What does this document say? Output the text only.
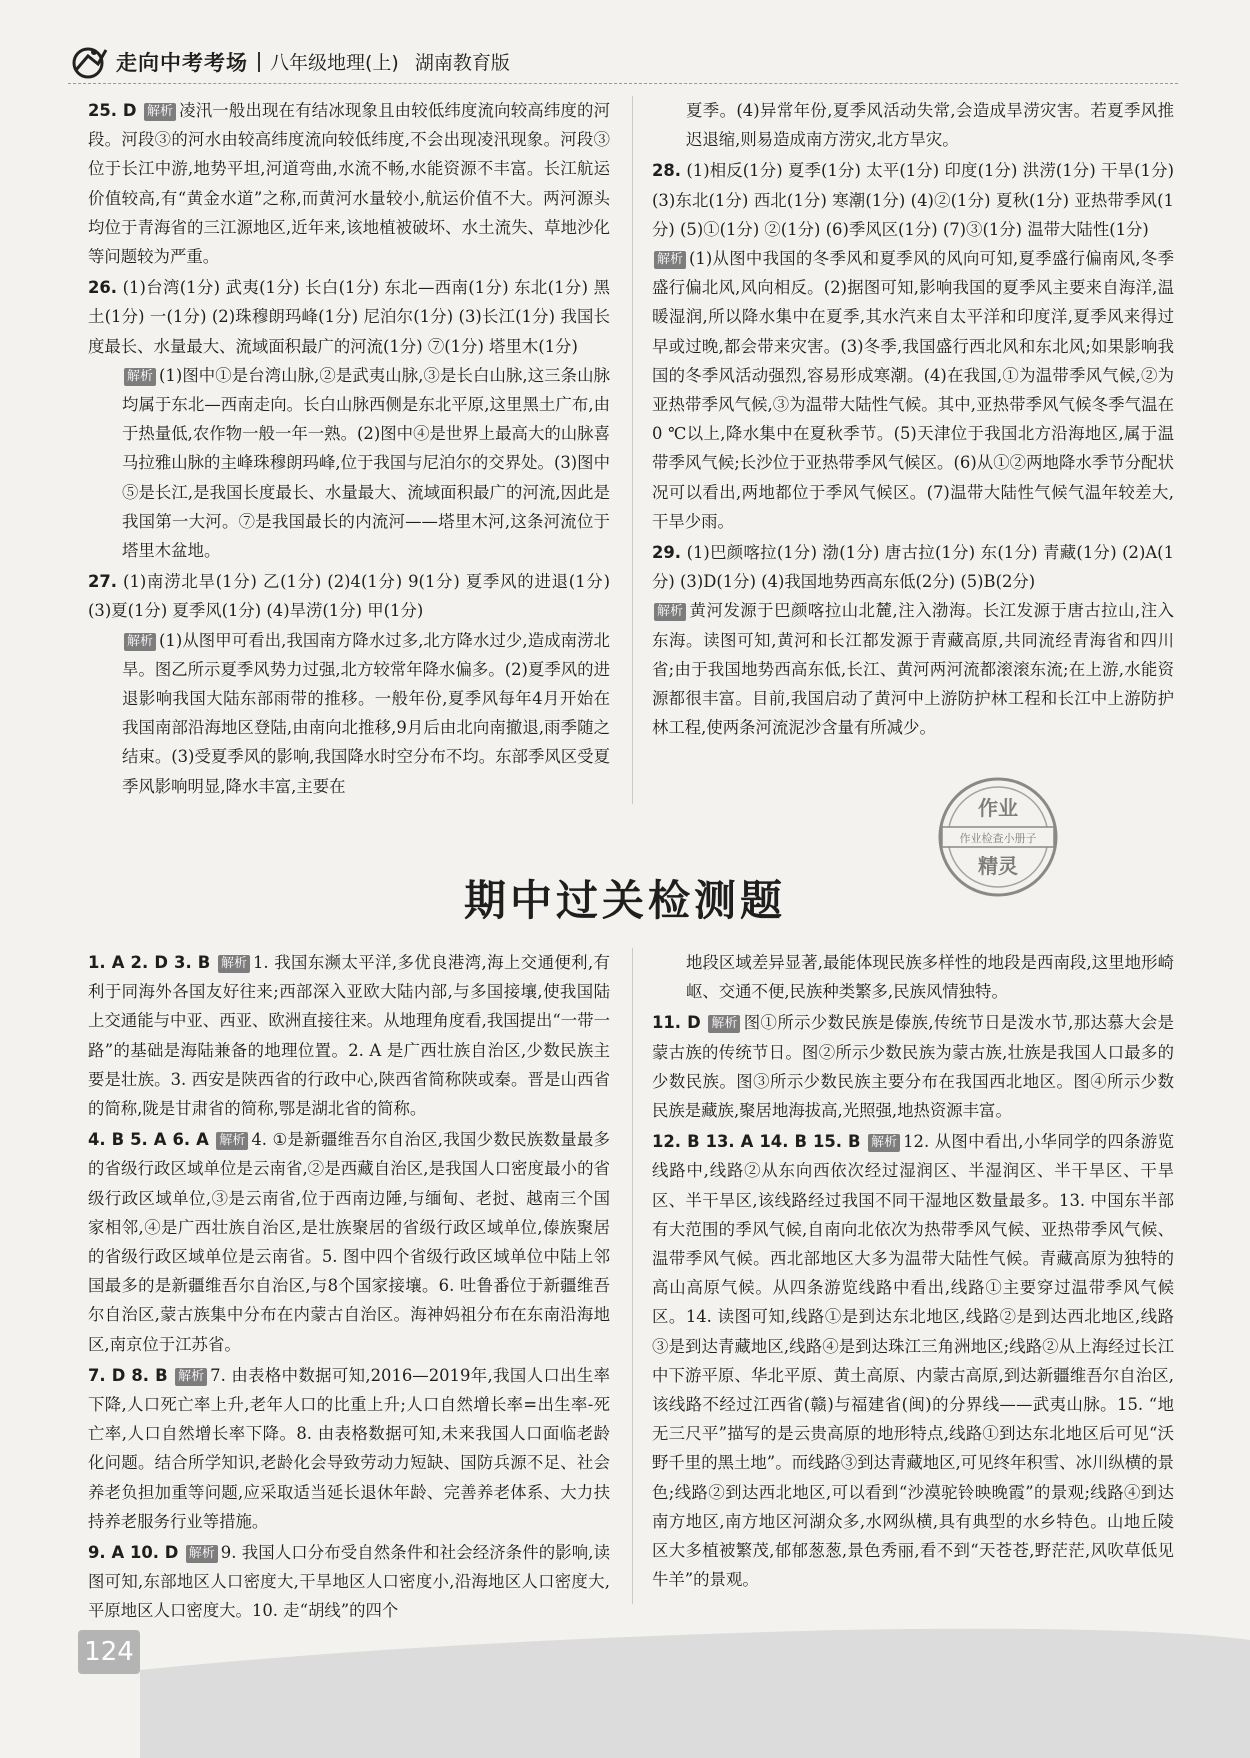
走向中考考场 八年级地理(上) 湖南教育版

25. D 解析 凌汛一般出现在有结冰现象且由较低纬度流向较高纬度的河段。河段③的河水由较高纬度流向较低纬度,不会出现凌汛现象。河段③位于长江中游,地势平坦,河道弯曲,水流不畅,水能资源不丰富。长江航运价值较高,有“黄金水道”之称,而黄河水量较小,航运价值不大。两河源头均位于青海省的三江源地区,近年来,该地植被破坏、水土流失、草地沙化等问题较为严重。

26. (1)台湾(1分) 武夷(1分) 长白(1分) 东北—西南(1分) 东北(1分) 黑土(1分) 一(1分) (2)珠穆朗玛峰(1分) 尼泊尔(1分) (3)长江(1分) 我国长度最长、水量最大、流域面积最广的河流(1分) ⑦(1分) 塔里木(1分)

解析 (1)图中①是台湾山脉,②是武夷山脉,③是长白山脉,这三条山脉均属于东北—西南走向。长白山脉西侧是东北平原,这里黑土广布,由于热量低,农作物一般一年一熟。(2)图中④是世界上最高大的山脉喜马拉雅山脉的主峰珠穆朗玛峰,位于我国与尼泊尔的交界处。(3)图中⑤是长江,是我国长度最长、水量最大、流域面积最广的河流,因此是我国第一大河。⑦是我国最长的内流河——塔里木河,这条河流位于塔里木盆地。

27. (1)南涝北旱(1分) 乙(1分) (2)4(1分) 9(1分) 夏季风的进退(1分) (3)夏(1分) 夏季风(1分) (4)旱涝(1分) 甲(1分)

解析 (1)从图甲可看出,我国南方降水过多,北方降水过少,造成南涝北旱。图乙所示夏季风势力过强,北方较常年降水偏多。(2)夏季风的进退影响我国大陆东部雨带的推移。一般年份,夏季风每年4月开始在我国南部沿海地区登陆,由南向北推移,9月后由北向南撤退,雨季随之结束。(3)受夏季风的影响,我国降水时空分布不均。东部季风区受夏季风影响明显,降水丰富,主要在

夏季。(4)异常年份,夏季风活动失常,会造成旱涝灾害。若夏季风推迟退缩,则易造成南方涝灾,北方旱灾。

28. (1)相反(1分) 夏季(1分) 太平(1分) 印度(1分) 洪涝(1分) 干旱(1分) (3)东北(1分) 西北(1分) 寒潮(1分) (4)②(1分) 夏秋(1分) 亚热带季风(1分) (5)①(1分) ②(1分) (6)季风区(1分) (7)③(1分) 温带大陆性(1分)

解析 (1)从图中我国的冬季风和夏季风的风向可知,夏季盛行偏南风,冬季盛行偏北风,风向相反。(2)据图可知,影响我国的夏季风主要来自海洋,温暖湿润,所以降水集中在夏季,其水汽来自太平洋和印度洋,夏季风来得过早或过晚,都会带来灾害。(3)冬季,我国盛行西北风和东北风;如果影响我国的冬季风活动强烈,容易形成寒潮。(4)在我国,①为温带季风气候,②为亚热带季风气候,③为温带大陆性气候。其中,亚热带季风气候冬季气温在0 ℃以上,降水集中在夏秋季节。(5)天津位于我国北方沿海地区,属于温带季风气候;长沙位于亚热带季风气候区。(6)从①②两地降水季节分配状况可以看出,两地都位于季风气候区。(7)温带大陆性气候气温年较差大,干旱少雨。

29. (1)巴颜喀拉(1分) 渤(1分) 唐古拉(1分) 东(1分) 青藏(1分) (2)A(1分) (3)D(1分) (4)我国地势西高东低(2分) (5)B(2分)

解析 黄河发源于巴颜喀拉山北麓,注入渤海。长江发源于唐古拉山,注入东海。读图可知,黄河和长江都发源于青藏高原,共同流经青海省和四川省;由于我国地势西高东低,长江、黄河两河流都滚滚东流;在上游,水能资源都很丰富。目前,我国启动了黄河中上游防护林工程和长江中上游防护林工程,使两条河流泥沙含量有所减少。

作业
作业检查小册子
精灵
期中过关检测题

1. A 2. D 3. B 解析 1. 我国东濒太平洋,多优良港湾,海上交通便利,有利于同海外各国友好往来;西部深入亚欧大陆内部,与多国接壤,使我国陆上交通能与中亚、西亚、欧洲直接往来。从地理角度看,我国提出“一带一路”的基础是海陆兼备的地理位置。2. A 是广西壮族自治区,少数民族主要是壮族。3. 西安是陕西省的行政中心,陕西省简称陕或秦。晋是山西省的简称,陇是甘肃省的简称,鄂是湖北省的简称。

4. B 5. A 6. A 解析 4. ①是新疆维吾尔自治区,我国少数民族数量最多的省级行政区域单位是云南省,②是西藏自治区,是我国人口密度最小的省级行政区域单位,③是云南省,位于西南边陲,与缅甸、老挝、越南三个国家相邻,④是广西壮族自治区,是壮族聚居的省级行政区域单位,傣族聚居的省级行政区域单位是云南省。5. 图中四个省级行政区域单位中陆上邻国最多的是新疆维吾尔自治区,与8个国家接壤。6. 吐鲁番位于新疆维吾尔自治区,蒙古族集中分布在内蒙古自治区。海神妈祖分布在东南沿海地区,南京位于江苏省。

7. D 8. B 解析 7. 由表格中数据可知,2016—2019年,我国人口出生率下降,人口死亡率上升,老年人口的比重上升;人口自然增长率=出生率-死亡率,人口自然增长率下降。8. 由表格数据可知,未来我国人口面临老龄化问题。结合所学知识,老龄化会导致劳动力短缺、国防兵源不足、社会养老负担加重等问题,应采取适当延长退休年龄、完善养老体系、大力扶持养老服务行业等措施。

9. A 10. D 解析 9. 我国人口分布受自然条件和社会经济条件的影响,读图可知,东部地区人口密度大,干旱地区人口密度小,沿海地区人口密度大,平原地区人口密度大。10. 走“胡线”的四个

地段区域差异显著,最能体现民族多样性的地段是西南段,这里地形崎岖、交通不便,民族种类繁多,民族风情独特。

11. D 解析 图①所示少数民族是傣族,传统节日是泼水节,那达慕大会是蒙古族的传统节日。图②所示少数民族为蒙古族,壮族是我国人口最多的少数民族。图③所示少数民族主要分布在我国西北地区。图④所示少数民族是藏族,聚居地海拔高,光照强,地热资源丰富。

12. B 13. A 14. B 15. B 解析 12. 从图中看出,小华同学的四条游览线路中,线路②从东向西依次经过湿润区、半湿润区、半干旱区、干旱区、半干旱区,该线路经过我国不同干湿地区数量最多。13. 中国东半部有大范围的季风气候,自南向北依次为热带季风气候、亚热带季风气候、温带季风气候。西北部地区大多为温带大陆性气候。青藏高原为独特的高山高原气候。从四条游览线路中看出,线路①主要穿过温带季风气候区。14. 读图可知,线路①是到达东北地区,线路②是到达西北地区,线路③是到达青藏地区,线路④是到达珠江三角洲地区;线路②从上海经过长江中下游平原、华北平原、黄土高原、内蒙古高原,到达新疆维吾尔自治区,该线路不经过江西省(赣)与福建省(闽)的分界线——武夷山脉。15. “地无三尺平”描写的是云贵高原的地形特点,线路①到达东北地区后可见“沃野千里的黑土地”。而线路③到达青藏地区,可见终年积雪、冰川纵横的景色;线路②到达西北地区,可以看到“沙漠驼铃映晚霞”的景观;线路④到达南方地区,南方地区河湖众多,水网纵横,具有典型的水乡特色。山地丘陵区大多植被繁茂,郁郁葱葱,景色秀丽,看不到“天苍苍,野茫茫,风吹草低见牛羊”的景观。

124
